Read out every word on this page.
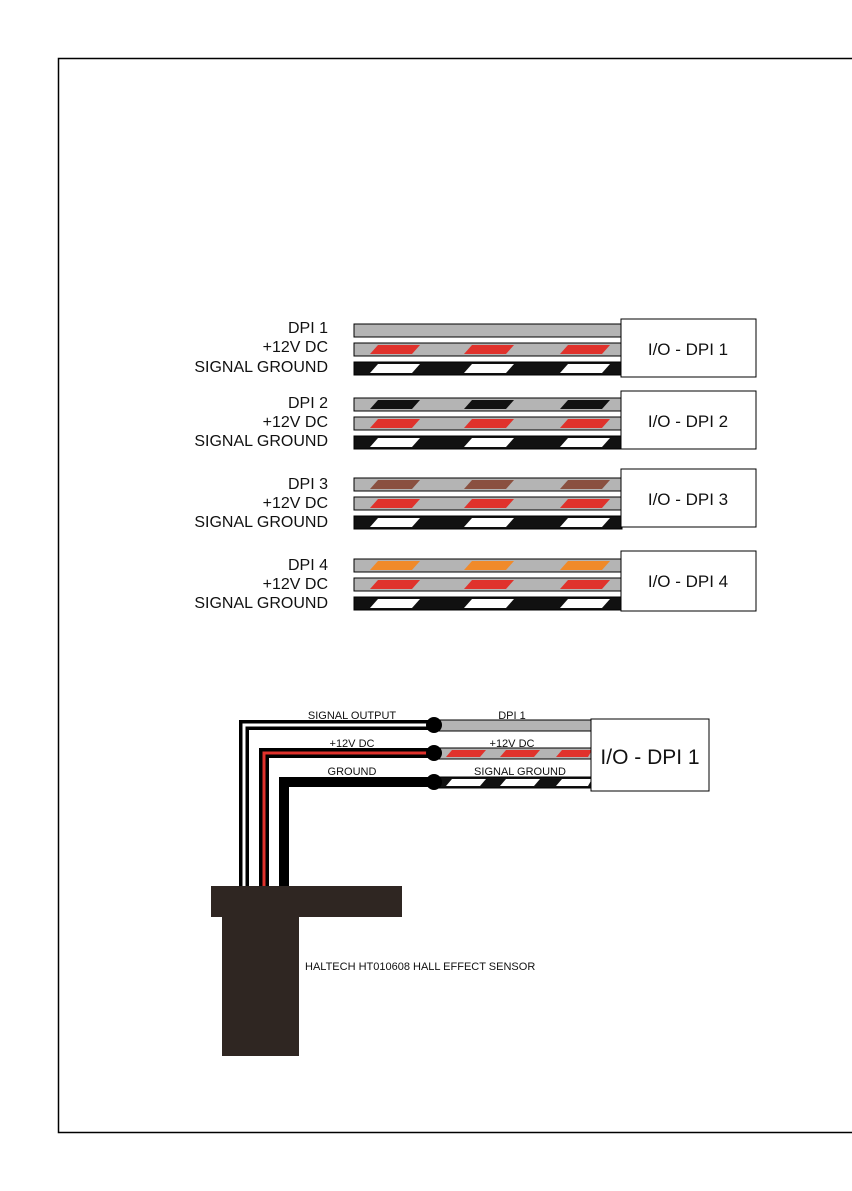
DPI 1
+12V DC
SIGNAL GROUND
I/O - DPI 1
DPI 2
+12V DC
SIGNAL GROUND
I/O - DPI 2
DPI 3
+12V DC
SIGNAL GROUND
I/O - DPI 3
DPI 4
+12V DC
SIGNAL GROUND
I/O - DPI 4
SIGNAL OUTPUT
+12V DC
GROUND
DPI 1
+12V DC
SIGNAL GROUND
I/O - DPI 1
HALTECH HT010608 HALL EFFECT SENSOR
